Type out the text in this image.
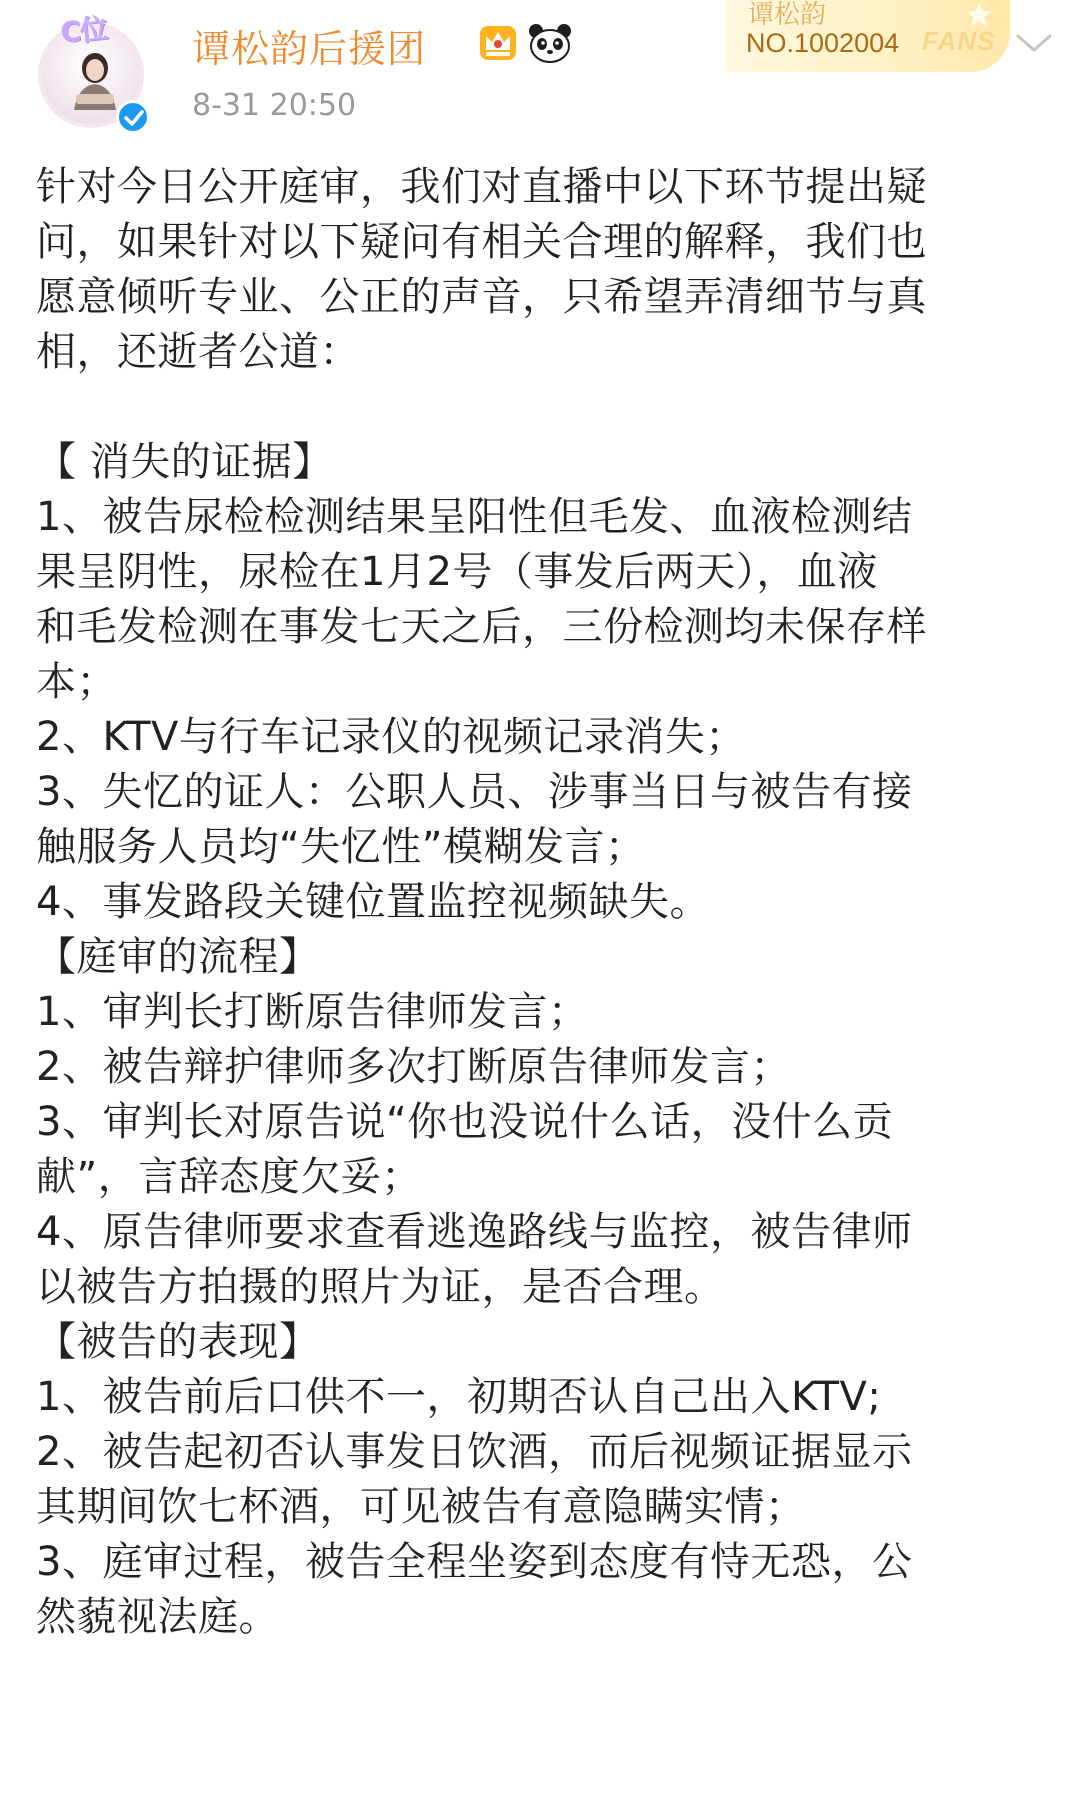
C位	谭松韵后援团
8-31 20:50
谭松韵
NO.1002004 FANS
针对今日公开庭审，我们对直播中以下环节提出疑
问，如果针对以下疑问有相关合理的解释，我们也
愿意倾听专业、公正的声音，只希望弄清细节与真
相，还逝者公道：
【 消失的证据】
1、被告尿检检测结果呈阳性但毛发、血液检测结
果呈阴性，尿检在1月2号（事发后两天），血液
和毛发检测在事发七天之后，三份检测均未保存样
本；
2、KTV与行车记录仪的视频记录消失；
3、失忆的证人：公职人员、涉事当日与被告有接
触服务人员均“失忆性”模糊发言；
4、事发路段关键位置监控视频缺失。
【庭审的流程】
1、审判长打断原告律师发言；
2、被告辩护律师多次打断原告律师发言；
3、审判长对原告说“你也没说什么话，没什么贡
献”，言辞态度欠妥；
4、原告律师要求查看逃逸路线与监控，被告律师
以被告方拍摄的照片为证，是否合理。
【被告的表现】
1、被告前后口供不一，初期否认自己出入KTV;
2、被告起初否认事发日饮酒，而后视频证据显示
其期间饮七杯酒，可见被告有意隐瞒实情；
3、庭审过程，被告全程坐姿到态度有恃无恐，公
然藐视法庭。
